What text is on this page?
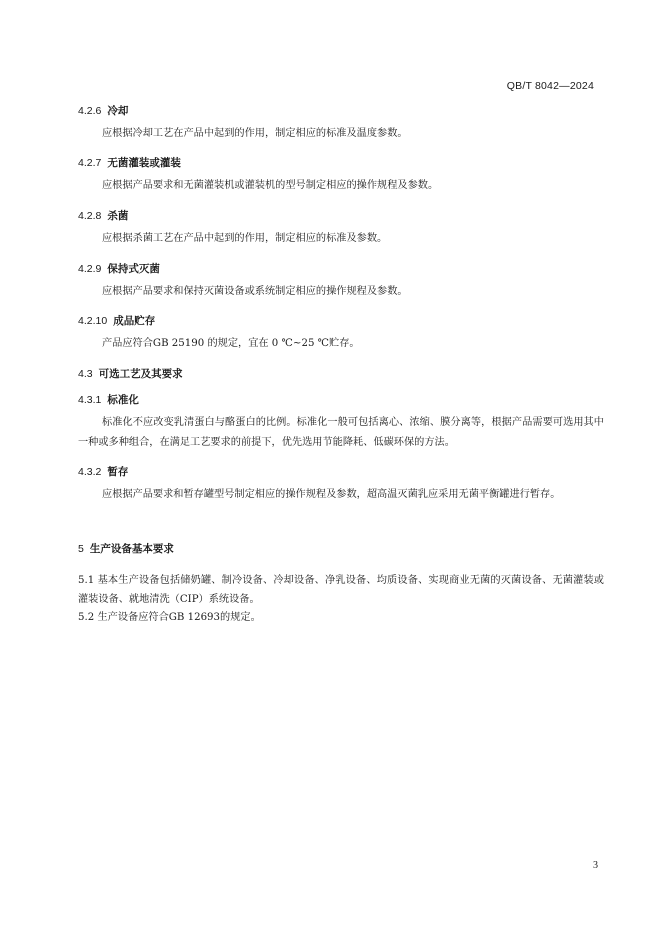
QB/T 8042—2024
4.2.6 冷却
应根据冷却工艺在产品中起到的作用，制定相应的标准及温度参数。
4.2.7 无菌灌装或灌装
应根据产品要求和无菌灌装机或灌装机的型号制定相应的操作规程及参数。
4.2.8 杀菌
应根据杀菌工艺在产品中起到的作用，制定相应的标准及参数。
4.2.9 保持式灭菌
应根据产品要求和保持灭菌设备或系统制定相应的操作规程及参数。
4.2.10 成品贮存
产品应符合GB 25190 的规定，宜在 0 ℃~25 ℃贮存。
4.3 可选工艺及其要求
4.3.1 标准化
标准化不应改变乳清蛋白与酪蛋白的比例。标准化一般可包括离心、浓缩、膜分离等，根据产品需要可选用其中一种或多种组合，在满足工艺要求的前提下，优先选用节能降耗、低碳环保的方法。
4.3.2 暂存
应根据产品要求和暂存罐型号制定相应的操作规程及参数，超高温灭菌乳应采用无菌平衡罐进行暂存。
5 生产设备基本要求
5.1 基本生产设备包括储奶罐、制冷设备、冷却设备、净乳设备、均质设备、实现商业无菌的灭菌设备、无菌灌装或灌装设备、就地清洗（CIP）系统设备。
5.2 生产设备应符合GB 12693的规定。
3
